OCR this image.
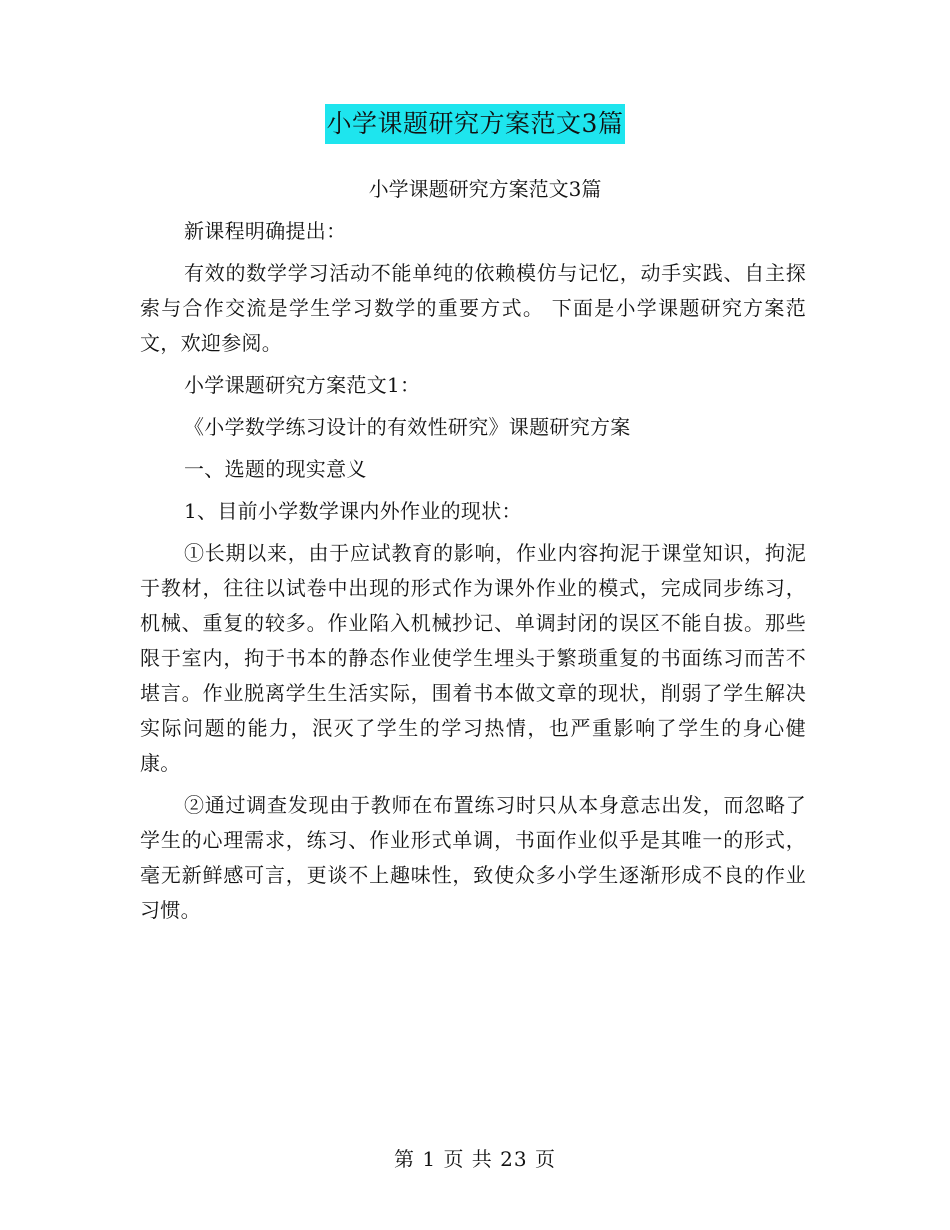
小学课题研究方案范文3篇

小学课题研究方案范文3篇

新课程明确提出：

有效的数学学习活动不能单纯的依赖模仿与记忆，动手实践、自主探索与合作交流是学生学习数学的重要方式。 下面是小学课题研究方案范文，欢迎参阅。

小学课题研究方案范文1：

《小学数学练习设计的有效性研究》课题研究方案

一、选题的现实意义

1、目前小学数学课内外作业的现状：

①长期以来，由于应试教育的影响，作业内容拘泥于课堂知识，拘泥于教材，往往以试卷中出现的形式作为课外作业的模式，完成同步练习，机械、重复的较多。作业陷入机械抄记、单调封闭的误区不能自拔。那些限于室内，拘于书本的静态作业使学生埋头于繁琐重复的书面练习而苦不堪言。作业脱离学生生活实际，围着书本做文章的现状，削弱了学生解决实际问题的能力，泯灭了学生的学习热情，也严重影响了学生的身心健康。

②通过调查发现由于教师在布置练习时只从本身意志出发，而忽略了学生的心理需求，练习、作业形式单调，书面作业似乎是其唯一的形式，毫无新鲜感可言，更谈不上趣味性，致使众多小学生逐渐形成不良的作业习惯。

第 1 页 共 23 页
